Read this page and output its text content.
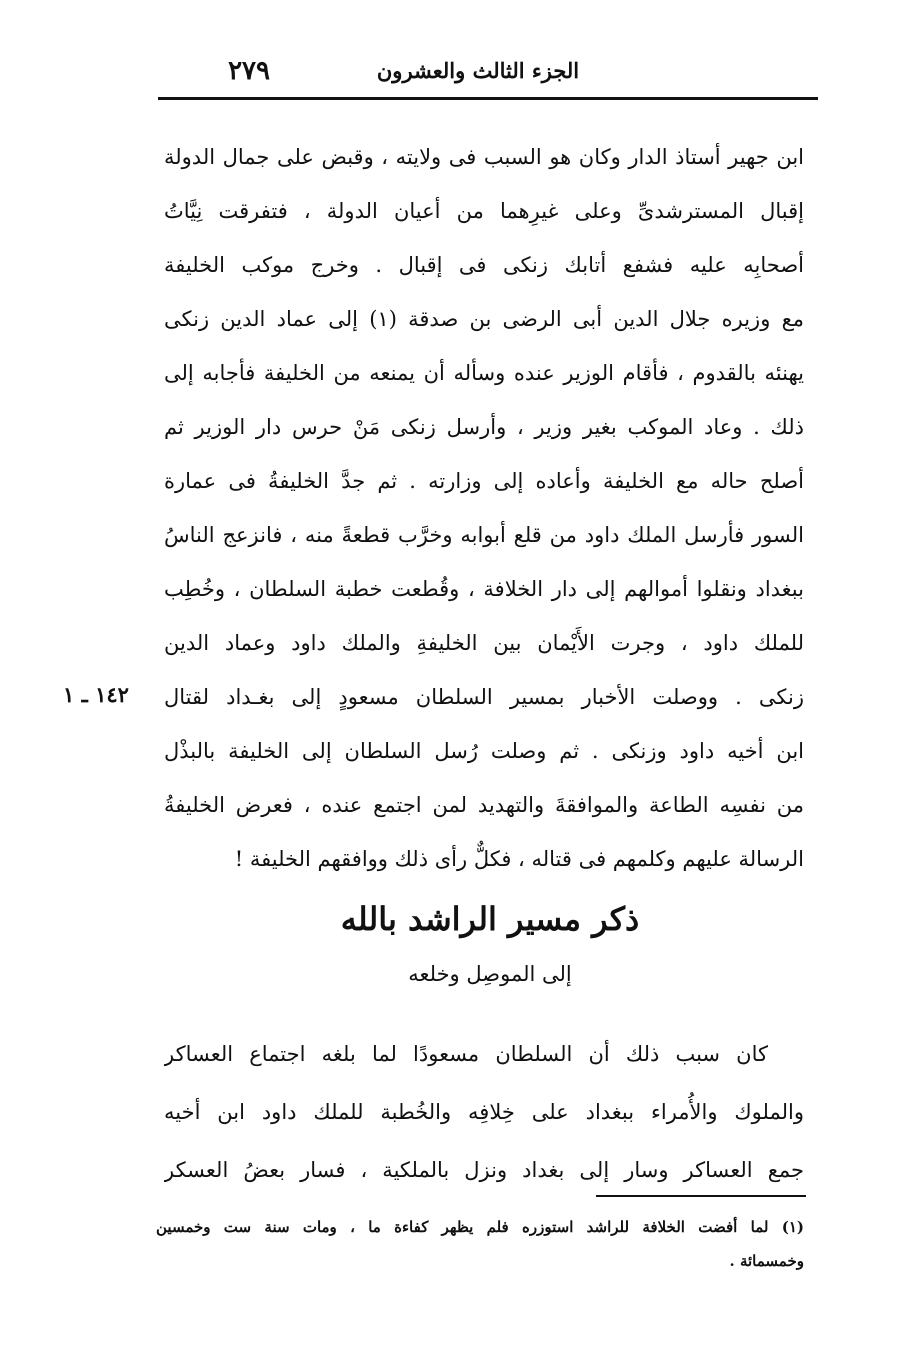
الجزء الثالث والعشرون
٢٧٩
ابن جهير أستاذ الدار وكان هو السبب فى ولايته ، وقبض على جمال الدولة
إقبال المسترشدىِّ وعلى غيرِهما من أعيان الدولة ، فتفرقت نِيَّاتُ
أصحابِه عليه فشفع أتابك زنكى فى إقبال . وخرج موكب الخليفة
مع وزيره جلال الدين أبى الرضى بن صدقة (١) إلى عماد الدين زنكى
يهنئه بالقدوم ، فأقام الوزير عنده وسأله أن يمنعه من الخليفة فأجابه إلى
ذلك . وعاد الموكب بغير وزير ، وأرسل زنكى مَنْ حرس دار الوزير ثم
أصلح حاله مع الخليفة وأعاده إلى وزارته . ثم جدَّ الخليفةُ فى عمارة
السور فأرسل الملك داود من قلع أبوابه وخرَّب قطعةً منه ، فانزعج الناسُ
ببغداد ونقلوا أموالهم إلى دار الخلافة ، وقُطعت خطبة السلطان ، وخُطِب
للملك داود ، وجرت الأَيْمان بين الخليفةِ والملك داود وعماد الدين
زنكى . ووصلت الأخبار بمسير السلطان مسعودٍ إلى بغـداد لقتال
ابن أخيه داود وزنكى . ثم وصلت رُسل السلطان إلى الخليفة بالبذْل
من نفسِه الطاعة والموافقةَ والتهديد لمن اجتمع عنده ، فعرض الخليفةُ
الرسالة عليهم وكلمهم فى قتاله ، فكلٌّ رأى ذلك ووافقهم الخليفة !
١٤٢ ـ ١
ذكر مسير الراشد بالله
إلى الموصِل وخلعه
كان سبب ذلك أن السلطان مسعودًا لما بلغه اجتماع العساكر
والملوك والأُمراء ببغداد على خِلافِه والخُطبة للملك داود ابن أخيه
جمع العساكر وسار إلى بغداد ونزل بالملكية ، فسار بعضُ العسكر
(١) لما أفضت الخلافة للراشد استوزره فلم يظهر كفاءة ما ، ومات سنة ست وخمسين
وخمسمائة .
